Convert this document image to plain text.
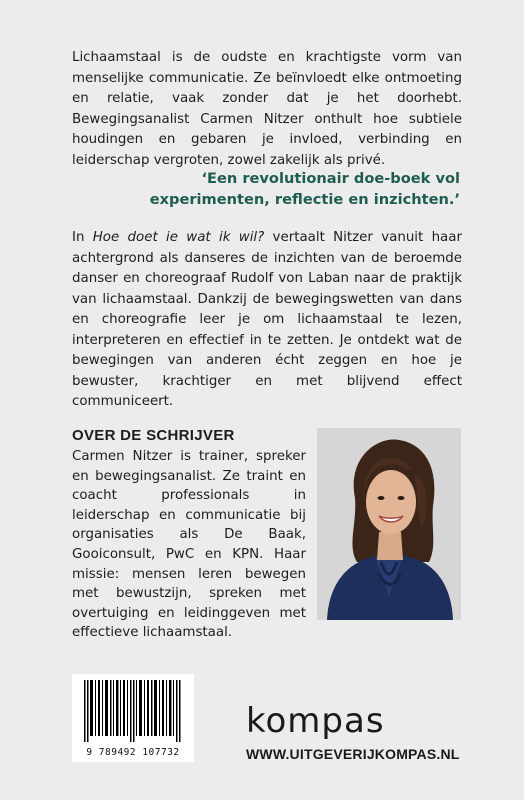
Lichaamstaal is de oudste en krachtigste vorm van menselijke communicatie. Ze beïnvloedt elke ontmoeting en relatie, vaak zonder dat je het doorhebt. Bewegingsanalist Carmen Nitzer onthult hoe subtiele houdingen en gebaren je invloed, verbinding en leiderschap vergroten, zowel zakelijk als privé.

‘Een revolutionair doe-boek vol experimenten, reflectie en inzichten.’

In Hoe doet ie wat ik wil? vertaalt Nitzer vanuit haar achtergrond als danseres de inzichten van de beroemde danser en choreograaf Rudolf von Laban naar de praktijk van lichaamstaal. Dankzij de bewegingswetten van dans en choreografie leer je om lichaamstaal te lezen, interpreteren en effectief in te zetten. Je ontdekt wat de bewegingen van anderen écht zeggen en hoe je bewuster, krachtiger en met blijvend effect communiceert.

OVER DE SCHRIJVER

Carmen Nitzer is trainer, spreker en bewegingsanalist. Ze traint en coacht professionals in leiderschap en communicatie bij organisaties als De Baak, Gooiconsult, PwC en KPN. Haar missie: mensen leren bewegen met bewustzijn, spreken met overtuiging en leidinggeven met effectieve lichaamstaal.

9 789492 107732
kompas
WWW.UITGEVERIJKOMPAS.NL
